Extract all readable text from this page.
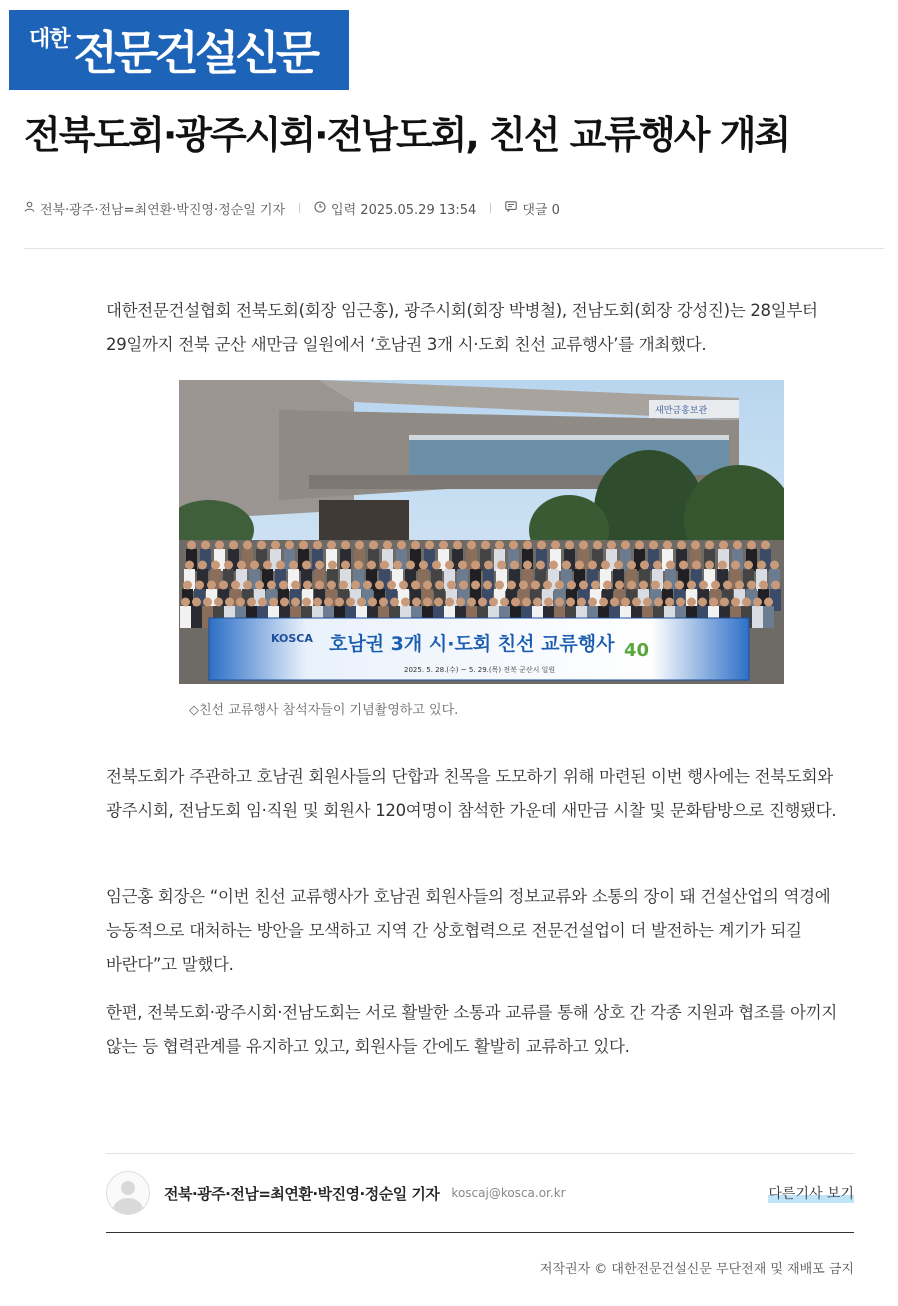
대한 전문건설신문
전북도회·광주시회·전남도회, 친선 교류행사 개최
전북·광주·전남=최연환·박진영·정순일 기자	입력 2025.05.29 13:54	댓글 0

대한전문건설협회 전북도회(회장 임근홍), 광주시회(회장 박병철), 전남도회(회장 강성진)는 28일부터 29일까지 전북 군산 새만금 일원에서 ‘호남권 3개 시·도회 친선 교류행사’를 개최했다.

새만금홍보관
KOSCA 호남권 3개 시·도회 친선 교류행사
2025. 5. 28.(수) ~ 5. 29.(목) 전북 군산시 일원
40
◇친선 교류행사 참석자들이 기념촬영하고 있다.

전북도회가 주관하고 호남권 회원사들의 단합과 친목을 도모하기 위해 마련된 이번 행사에는 전북도회와 광주시회, 전남도회 임·직원 및 회원사 120여명이 참석한 가운데 새만금 시찰 및 문화탐방으로 진행됐다.

임근홍 회장은 “이번 친선 교류행사가 호남권 회원사들의 정보교류와 소통의 장이 돼 건설산업의 역경에 능동적으로 대처하는 방안을 모색하고 지역 간 상호협력으로 전문건설업이 더 발전하는 계기가 되길 바란다”고 말했다.

한편, 전북도회·광주시회·전남도회는 서로 활발한 소통과 교류를 통해 상호 간 각종 지원과 협조를 아끼지 않는 등 협력관계를 유지하고 있고, 회원사들 간에도 활발히 교류하고 있다.

전북·광주·전남=최연환·박진영·정순일 기자 koscaj@kosca.or.kr	다른기사 보기
저작권자 © 대한전문건설신문 무단전재 및 재배포 금지
